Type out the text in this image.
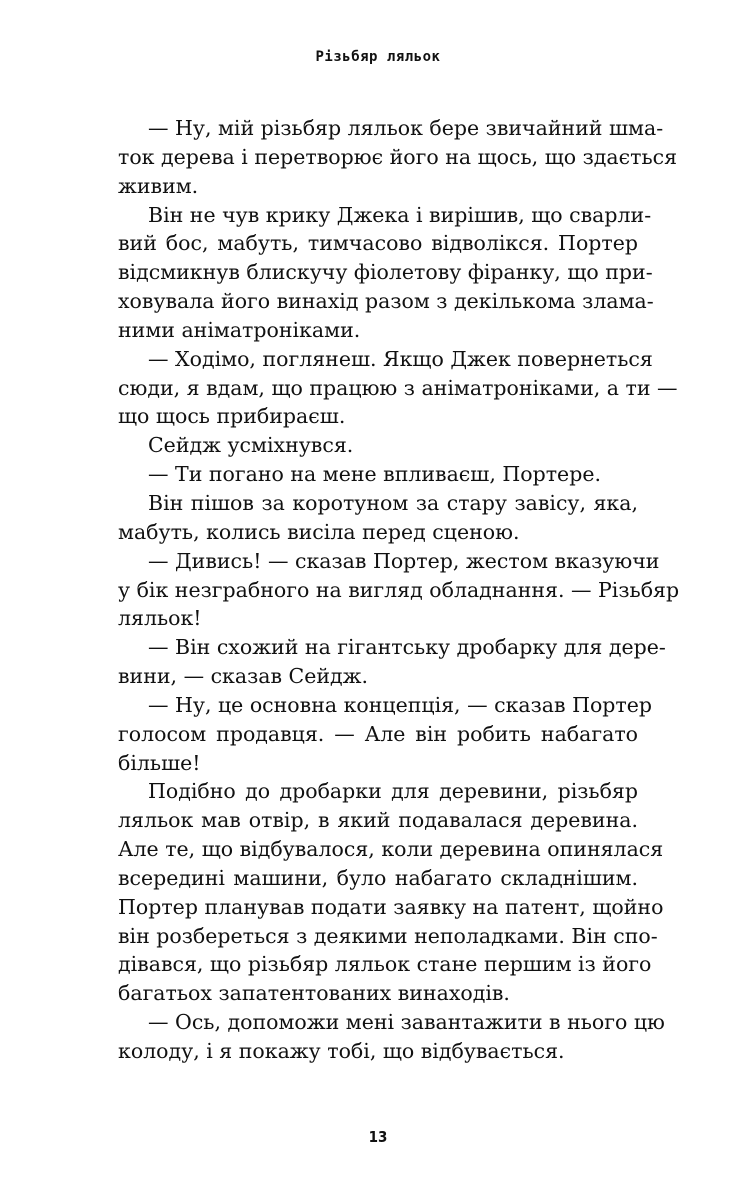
Різьбяр ляльок
— Ну, мій різьбяр ляльок бере звичайний шма-
ток дерева і перетворює його на щось, що здається
живим.
Він не чув крику Джека і вирішив, що сварли-
вий бос, мабуть, тимчасово відволікся. Портер
відсмикнув блискучу фіолетову фіранку, що при-
ховувала його винахід разом з декількома злама-
ними аніматроніками.
— Ходімо, поглянеш. Якщо Джек повернеться
сюди, я вдам, що працюю з аніматроніками, а ти —
що щось прибираєш.
Сейдж усміхнувся.
— Ти погано на мене впливаєш, Портере.
Він пішов за коротуном за стару завісу, яка,
мабуть, колись висіла перед сценою.
— Дивись! — сказав Портер, жестом вказуючи
у бік незграбного на вигляд обладнання. — Різьбяр
ляльок!
— Він схожий на гігантську дробарку для дере-
вини, — сказав Сейдж.
— Ну, це основна концепція, — сказав Портер
голосом продавця. — Але він робить набагато
більше!
Подібно до дробарки для деревини, різьбяр
ляльок мав отвір, в який подавалася деревина.
Але те, що відбувалося, коли деревина опинялася
всередині машини, було набагато складнішим.
Портер планував подати заявку на патент, щойно
він розбереться з деякими неполадками. Він спо-
дівався, що різьбяр ляльок стане першим із його
багатьох запатентованих винаходів.
— Ось, допоможи мені завантажити в нього цю
колоду, і я покажу тобі, що відбувається.
13
